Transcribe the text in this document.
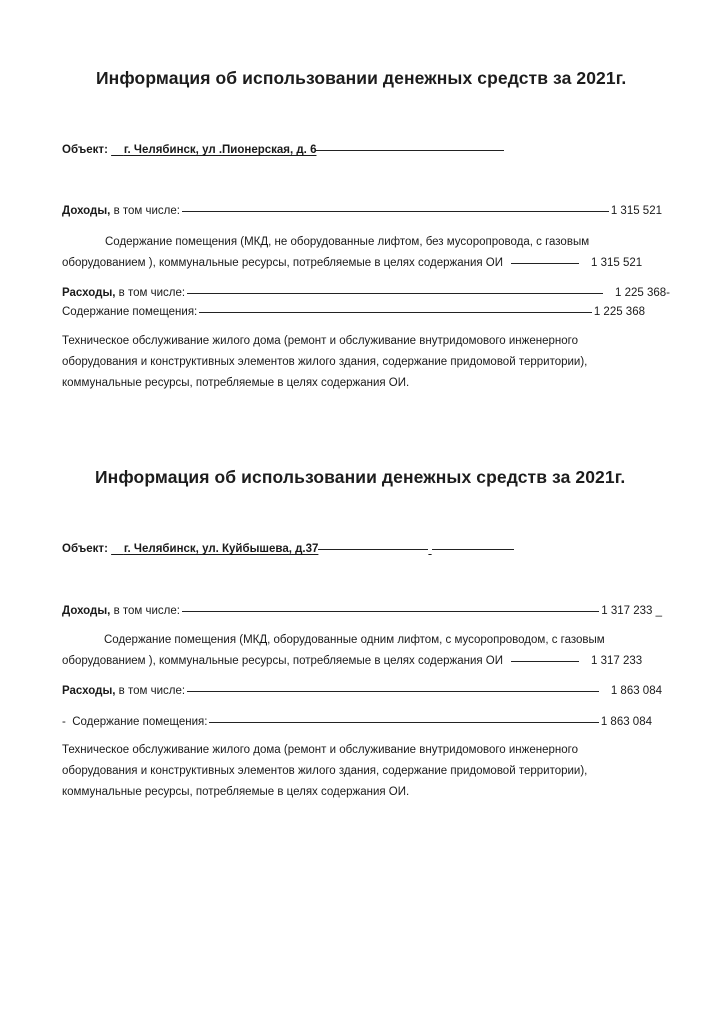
Информация об использовании денежных средств за 2021г.
Объект: г. Челябинск, ул .Пионерская, д. 6
Доходы, в том числе:	1 315 521
Содержание помещения (МКД, не оборудованные лифтом, без мусоропровода, с газовым
оборудованием ), коммунальные ресурсы, потребляемые в целях содержания ОИ	1 315 521
Расходы, в том числе:	1 225 368-
Содержание помещения:	1 225 368
Техническое обслуживание жилого дома (ремонт и обслуживание внутридомового инженерного
оборудования и конструктивных элементов жилого здания, содержание придомовой территории),
коммунальные ресурсы, потребляемые в целях содержания ОИ.
Информация об использовании денежных средств за 2021г.
Объект: г. Челябинск, ул. Куйбышева, д.37
Доходы, в том числе:	1 317 233 _
Содержание помещения (МКД, оборудованные одним лифтом, с мусоропроводом, с газовым
оборудованием ), коммунальные ресурсы, потребляемые в целях содержания ОИ	1 317 233
Расходы, в том числе:	1 863 084
-  Содержание помещения:	1 863 084
Техническое обслуживание жилого дома (ремонт и обслуживание внутридомового инженерного
оборудования и конструктивных элементов жилого здания, содержание придомовой территории),
коммунальные ресурсы, потребляемые в целях содержания ОИ.
